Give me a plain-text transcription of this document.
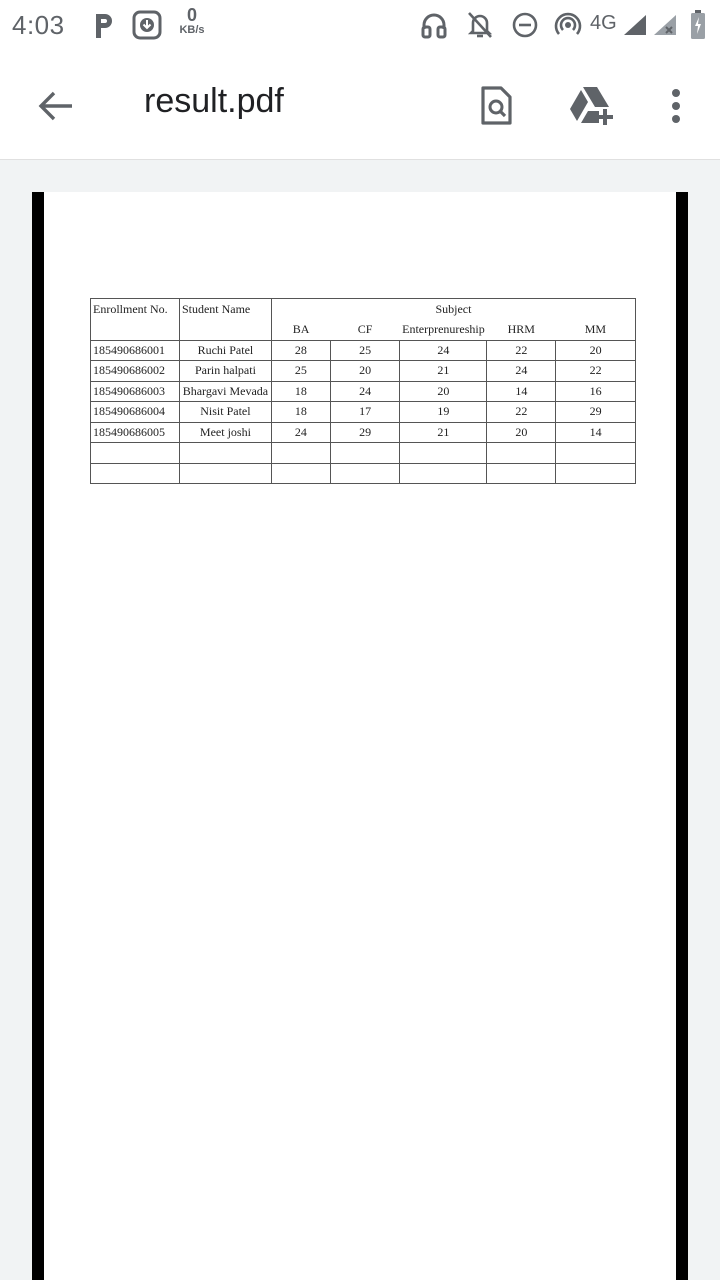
4:03	0
KB/s	4G
result.pdf
Enrollment No.	Student Name	Subject				
		BA	CF	Enterprenureship	HRM	MM
185490686001	Ruchi Patel	28	25	24	22	20
185490686002	Parin halpati	25	20	21	24	22
185490686003	Bhargavi Mevada	18	24	20	14	16
185490686004	Nisit Patel	18	17	19	22	29
185490686005	Meet joshi	24	29	21	20	14
